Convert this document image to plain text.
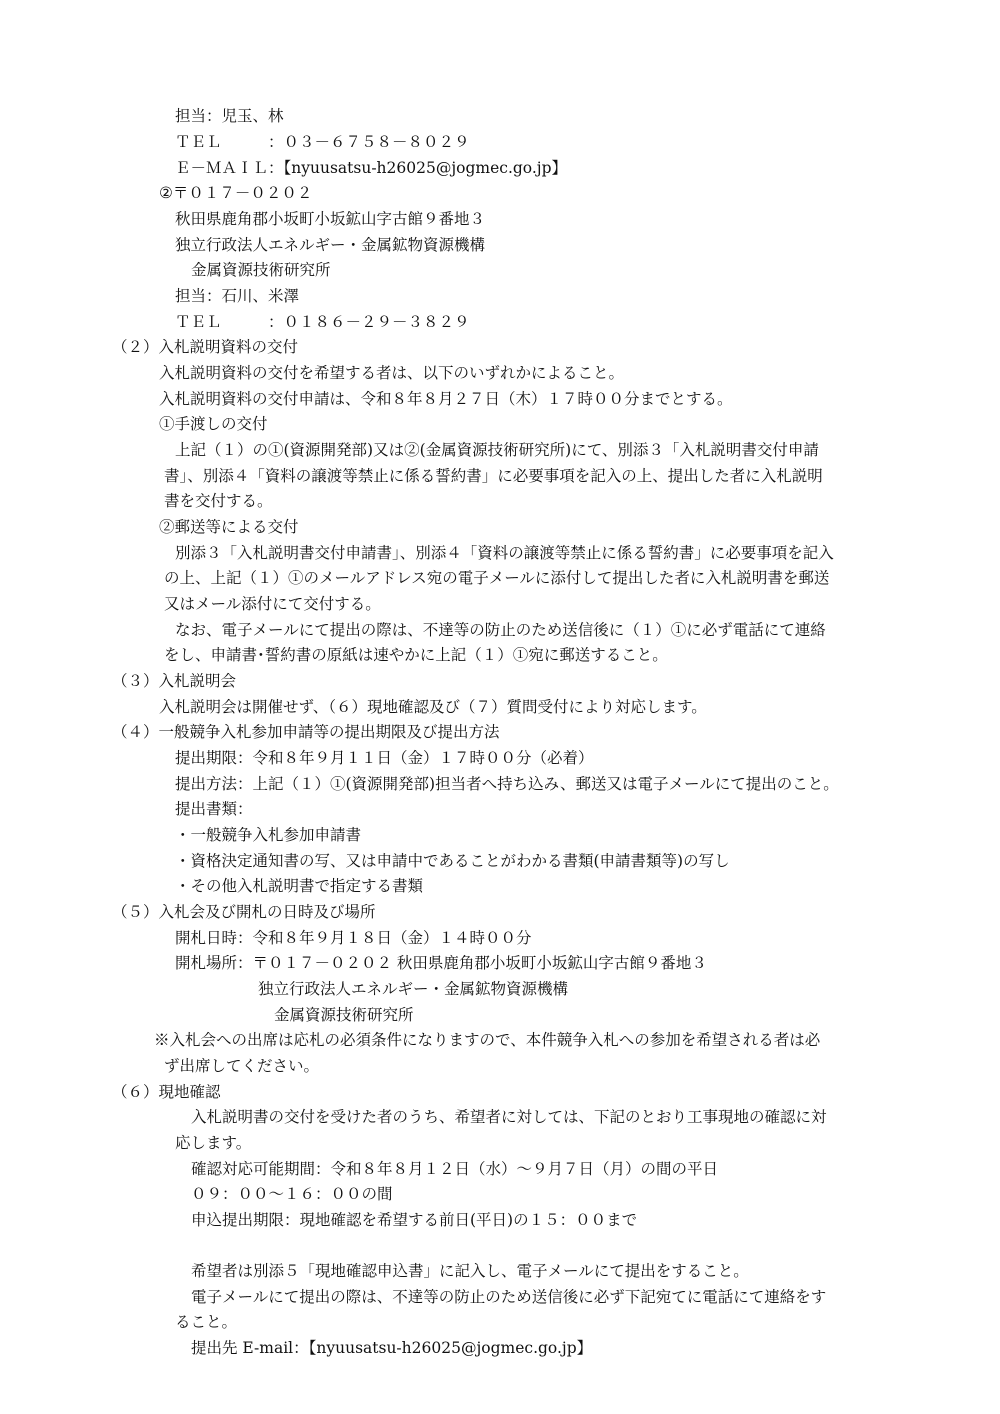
担当：児玉、林

ＴＥＬ　　　：０３－６７５８－８０２９

Ｅ－ＭＡＩＬ：【nyuusatsu-h26025@jogmec.go.jp】

②〒０１７－０２０２

秋田県鹿角郡小坂町小坂鉱山字古館９番地３

独立行政法人エネルギー・金属鉱物資源機構

金属資源技術研究所

担当：石川、米澤

ＴＥＬ　　　：０１８６－２９－３８２９

（２）入札説明資料の交付

入札説明資料の交付を希望する者は、以下のいずれかによること。

入札説明資料の交付申請は、令和８年８月２７日（木）１７時００分までとする。

①手渡しの交付

上記（１）の①(資源開発部)又は②(金属資源技術研究所)にて、別添３「入札説明書交付申請

書」、別添４「資料の譲渡等禁止に係る誓約書」に必要事項を記入の上、提出した者に入札説明

書を交付する。

②郵送等による交付

別添３「入札説明書交付申請書」、別添４「資料の譲渡等禁止に係る誓約書」に必要事項を記入

の上、上記（１）①のメールアドレス宛の電子メールに添付して提出した者に入札説明書を郵送

又はメール添付にて交付する。

なお、電子メールにて提出の際は、不達等の防止のため送信後に（１）①に必ず電話にて連絡

をし、申請書･誓約書の原紙は速やかに上記（１）①宛に郵送すること。

（３）入札説明会

入札説明会は開催せず、（６）現地確認及び（７）質問受付により対応します。

（４）一般競争入札参加申請等の提出期限及び提出方法

提出期限：令和８年９月１１日（金）１７時００分（必着）

提出方法：上記（１）①(資源開発部)担当者へ持ち込み、郵送又は電子メールにて提出のこと。

提出書類：

・一般競争入札参加申請書

・資格決定通知書の写、又は申請中であることがわかる書類(申請書類等)の写し

・その他入札説明書で指定する書類

（５）入札会及び開札の日時及び場所

開札日時：令和８年９月１８日（金）１４時００分

開札場所：〒０１７－０２０２ 秋田県鹿角郡小坂町小坂鉱山字古館９番地３

独立行政法人エネルギー・金属鉱物資源機構

金属資源技術研究所

※入札会への出席は応札の必須条件になりますので、本件競争入札への参加を希望される者は必

ず出席してください。

（６）現地確認

入札説明書の交付を受けた者のうち、希望者に対しては、下記のとおり工事現地の確認に対

応します。

確認対応可能期間：令和８年８月１２日（水）～９月７日（月）の間の平日

０９：００～１６：００の間

申込提出期限：現地確認を希望する前日(平日)の１５：００まで

希望者は別添５「現地確認申込書」に記入し、電子メールにて提出をすること。

電子メールにて提出の際は、不達等の防止のため送信後に必ず下記宛てに電話にて連絡をす

ること。

提出先 E-mail：【nyuusatsu-h26025@jogmec.go.jp】
